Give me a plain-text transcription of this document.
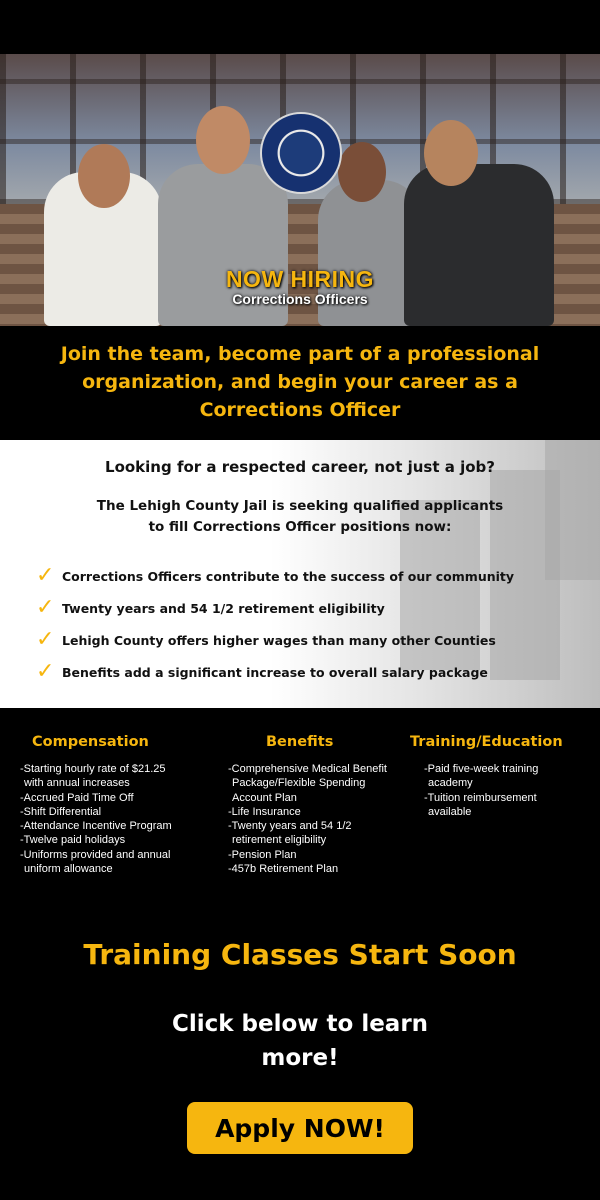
NOW HIRING
Corrections Officers
Join the team, become part of a professional
organization, and begin your career as a
Corrections Officer
Looking for a respected career, not just a job?
The Lehigh County Jail is seeking qualified applicants
to fill Corrections Officer positions now:
✓ Corrections Officers contribute to the success of our community
✓ Twenty years and 54 1/2 retirement eligibility
✓ Lehigh County offers higher wages than many other Counties
✓ Benefits add a significant increase to overall salary package
Compensation
-Starting hourly rate of $21.25
with annual increases
-Accrued Paid Time Off
-Shift Differential
-Attendance Incentive Program
-Twelve paid holidays
-Uniforms provided and annual
uniform allowance
Benefits
-Comprehensive Medical Benefit
Package/Flexible Spending
Account Plan
-Life Insurance
-Twenty years and 54 1/2
retirement eligibility
-Pension Plan
-457b Retirement Plan
Training/Education
-Paid five-week training
academy
-Tuition reimbursement
available
Training Classes Start Soon
Click below to learn
more!
Apply NOW!
